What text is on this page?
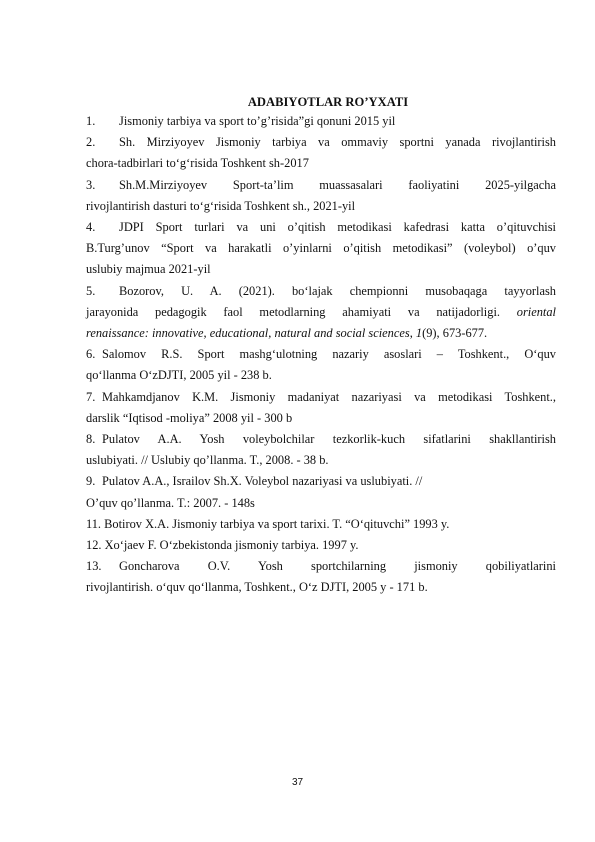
ADABIYOTLAR RO’YXATI
1. Jismoniy tarbiya va sport to’g’risida”gi qonuni 2015 yil
2. Sh. Mirziyoyev Jismoniy tarbiya va ommaviy sportni yanada rivojlantirish
chora-tadbirlari to‘g‘risida Toshkent sh-2017
3. Sh.M.Mirziyoyev Sport-ta’lim muassasalari faoliyatini 2025-yilgacha
rivojlantirish dasturi to‘g‘risida Toshkent sh., 2021-yil
4. JDPI Sport turlari va uni o’qitish metodikasi kafedrasi katta o’qituvchisi
B.Turg’unov “Sport va harakatli o’yinlarni o’qitish metodikasi” (voleybol) o’quv
uslubiy majmua 2021-yil
5. Bozorov, U. A. (2021). bo‘lajak chempionni musobaqaga tayyorlash
jarayonida pedagogik faol metodlarning ahamiyati va natijadorligi. oriental
renaissance: innovative, educational, natural and social sciences, 1(9), 673-677.
6. Salomov R.S. Sport mashg‘ulotning nazariy asoslari – Toshkent., O‘quv
qo‘llanma O‘zDJTI, 2005 yil - 238 b.
7. Mahkamdjanov K.M. Jismoniy madaniyat nazariyasi va metodikasi Toshkent.,
darslik “Iqtisod -moliya” 2008 yil - 300 b
8. Pulatov A.A. Yosh voleybolchilar tezkorlik-kuch sifatlarini shakllantirish
uslubiyati. // Uslubiy qo’llanma. T., 2008. - 38 b.
9. Pulatov A.A., Israilov Sh.X. Voleybol nazariyasi va uslubiyati. //
O’quv qo’llanma. T.: 2007. - 148s
11. Botirov X.A. Jismoniy tarbiya va sport tarixi. T. “O‘qituvchi” 1993 y.
12. Xo‘jaev F. O‘zbekistonda jismoniy tarbiya. 1997 y.
13. Goncharova O.V. Yosh sportchilarning jismoniy qobiliyatlarini
rivojlantirish. o‘quv qo‘llanma, Toshkent., O‘z DJTI, 2005 y - 171 b.
37
